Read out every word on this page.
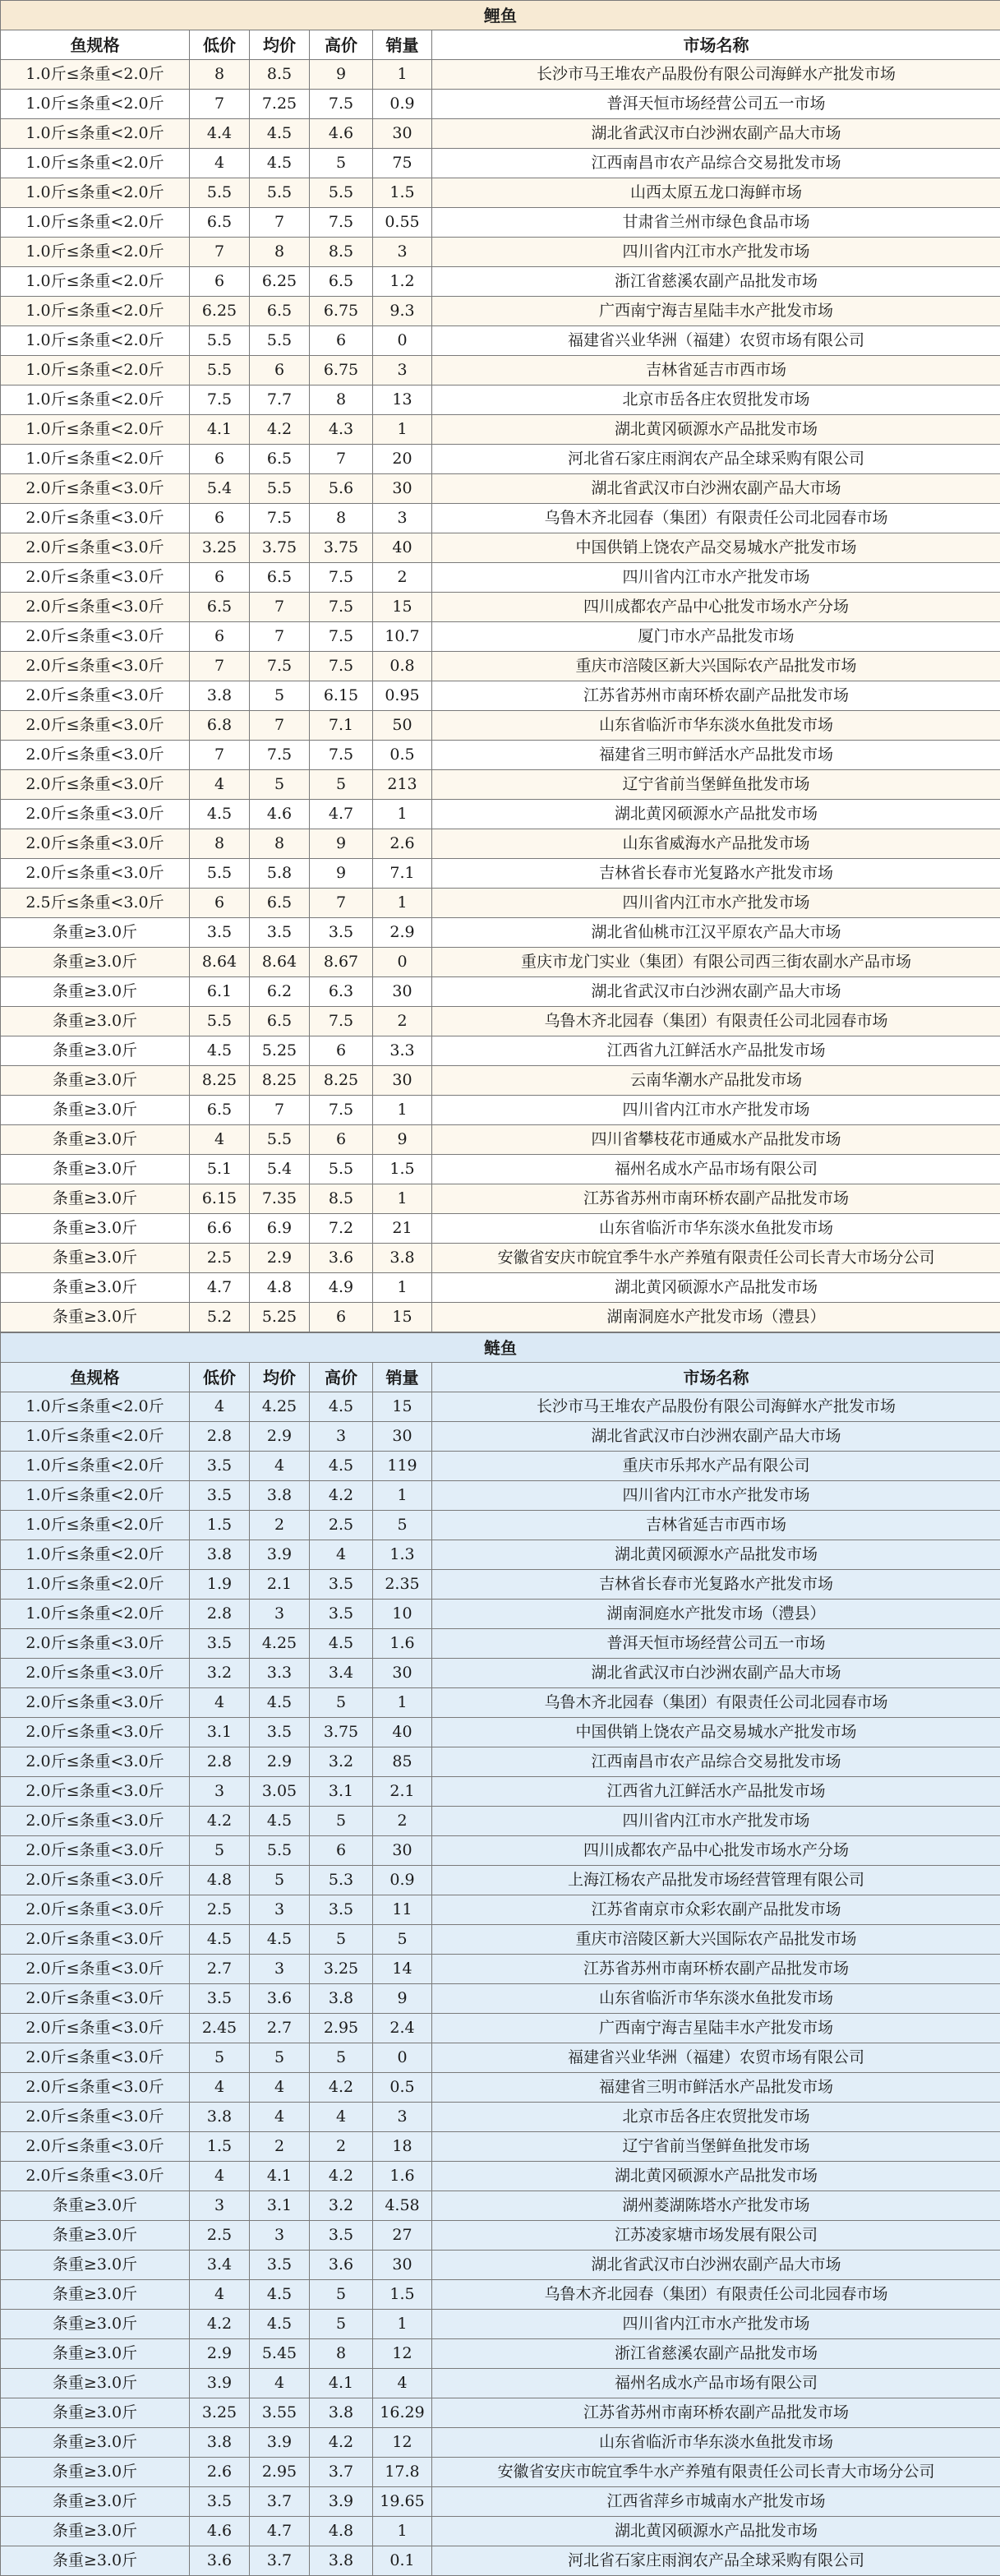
鲤鱼					
鱼规格	低价	均价	高价	销量	市场名称
1.0斤≤条重<2.0斤	8	8.5	9	1	长沙市马王堆农产品股份有限公司海鲜水产批发市场
1.0斤≤条重<2.0斤	7	7.25	7.5	0.9	普洱天恒市场经营公司五一市场
1.0斤≤条重<2.0斤	4.4	4.5	4.6	30	湖北省武汉市白沙洲农副产品大市场
1.0斤≤条重<2.0斤	4	4.5	5	75	江西南昌市农产品综合交易批发市场
1.0斤≤条重<2.0斤	5.5	5.5	5.5	1.5	山西太原五龙口海鲜市场
1.0斤≤条重<2.0斤	6.5	7	7.5	0.55	甘肃省兰州市绿色食品市场
1.0斤≤条重<2.0斤	7	8	8.5	3	四川省内江市水产批发市场
1.0斤≤条重<2.0斤	6	6.25	6.5	1.2	浙江省慈溪农副产品批发市场
1.0斤≤条重<2.0斤	6.25	6.5	6.75	9.3	广西南宁海吉星陆丰水产批发市场
1.0斤≤条重<2.0斤	5.5	5.5	6	0	福建省兴业华洲（福建）农贸市场有限公司
1.0斤≤条重<2.0斤	5.5	6	6.75	3	吉林省延吉市西市场
1.0斤≤条重<2.0斤	7.5	7.7	8	13	北京市岳各庄农贸批发市场
1.0斤≤条重<2.0斤	4.1	4.2	4.3	1	湖北黄冈硕源水产品批发市场
1.0斤≤条重<2.0斤	6	6.5	7	20	河北省石家庄雨润农产品全球采购有限公司
2.0斤≤条重<3.0斤	5.4	5.5	5.6	30	湖北省武汉市白沙洲农副产品大市场
2.0斤≤条重<3.0斤	6	7.5	8	3	乌鲁木齐北园春（集团）有限责任公司北园春市场
2.0斤≤条重<3.0斤	3.25	3.75	3.75	40	中国供销上饶农产品交易城水产批发市场
2.0斤≤条重<3.0斤	6	6.5	7.5	2	四川省内江市水产批发市场
2.0斤≤条重<3.0斤	6.5	7	7.5	15	四川成都农产品中心批发市场水产分场
2.0斤≤条重<3.0斤	6	7	7.5	10.7	厦门市水产品批发市场
2.0斤≤条重<3.0斤	7	7.5	7.5	0.8	重庆市涪陵区新大兴国际农产品批发市场
2.0斤≤条重<3.0斤	3.8	5	6.15	0.95	江苏省苏州市南环桥农副产品批发市场
2.0斤≤条重<3.0斤	6.8	7	7.1	50	山东省临沂市华东淡水鱼批发市场
2.0斤≤条重<3.0斤	7	7.5	7.5	0.5	福建省三明市鲜活水产品批发市场
2.0斤≤条重<3.0斤	4	5	5	213	辽宁省前当堡鲜鱼批发市场
2.0斤≤条重<3.0斤	4.5	4.6	4.7	1	湖北黄冈硕源水产品批发市场
2.0斤≤条重<3.0斤	8	8	9	2.6	山东省威海水产品批发市场
2.0斤≤条重<3.0斤	5.5	5.8	9	7.1	吉林省长春市光复路水产批发市场
2.5斤≤条重<3.0斤	6	6.5	7	1	四川省内江市水产批发市场
条重≥3.0斤	3.5	3.5	3.5	2.9	湖北省仙桃市江汉平原农产品大市场
条重≥3.0斤	8.64	8.64	8.67	0	重庆市龙门实业（集团）有限公司西三街农副水产品市场
条重≥3.0斤	6.1	6.2	6.3	30	湖北省武汉市白沙洲农副产品大市场
条重≥3.0斤	5.5	6.5	7.5	2	乌鲁木齐北园春（集团）有限责任公司北园春市场
条重≥3.0斤	4.5	5.25	6	3.3	江西省九江鲜活水产品批发市场
条重≥3.0斤	8.25	8.25	8.25	30	云南华潮水产品批发市场
条重≥3.0斤	6.5	7	7.5	1	四川省内江市水产批发市场
条重≥3.0斤	4	5.5	6	9	四川省攀枝花市通威水产品批发市场
条重≥3.0斤	5.1	5.4	5.5	1.5	福州名成水产品市场有限公司
条重≥3.0斤	6.15	7.35	8.5	1	江苏省苏州市南环桥农副产品批发市场
条重≥3.0斤	6.6	6.9	7.2	21	山东省临沂市华东淡水鱼批发市场
条重≥3.0斤	2.5	2.9	3.6	3.8	安徽省安庆市皖宜季牛水产养殖有限责任公司长青大市场分公司
条重≥3.0斤	4.7	4.8	4.9	1	湖北黄冈硕源水产品批发市场
条重≥3.0斤	5.2	5.25	6	15	湖南洞庭水产批发市场（澧县）
鲢鱼					
鱼规格	低价	均价	高价	销量	市场名称
1.0斤≤条重<2.0斤	4	4.25	4.5	15	长沙市马王堆农产品股份有限公司海鲜水产批发市场
1.0斤≤条重<2.0斤	2.8	2.9	3	30	湖北省武汉市白沙洲农副产品大市场
1.0斤≤条重<2.0斤	3.5	4	4.5	119	重庆市乐邦水产品有限公司
1.0斤≤条重<2.0斤	3.5	3.8	4.2	1	四川省内江市水产批发市场
1.0斤≤条重<2.0斤	1.5	2	2.5	5	吉林省延吉市西市场
1.0斤≤条重<2.0斤	3.8	3.9	4	1.3	湖北黄冈硕源水产品批发市场
1.0斤≤条重<2.0斤	1.9	2.1	3.5	2.35	吉林省长春市光复路水产批发市场
1.0斤≤条重<2.0斤	2.8	3	3.5	10	湖南洞庭水产批发市场（澧县）
2.0斤≤条重<3.0斤	3.5	4.25	4.5	1.6	普洱天恒市场经营公司五一市场
2.0斤≤条重<3.0斤	3.2	3.3	3.4	30	湖北省武汉市白沙洲农副产品大市场
2.0斤≤条重<3.0斤	4	4.5	5	1	乌鲁木齐北园春（集团）有限责任公司北园春市场
2.0斤≤条重<3.0斤	3.1	3.5	3.75	40	中国供销上饶农产品交易城水产批发市场
2.0斤≤条重<3.0斤	2.8	2.9	3.2	85	江西南昌市农产品综合交易批发市场
2.0斤≤条重<3.0斤	3	3.05	3.1	2.1	江西省九江鲜活水产品批发市场
2.0斤≤条重<3.0斤	4.2	4.5	5	2	四川省内江市水产批发市场
2.0斤≤条重<3.0斤	5	5.5	6	30	四川成都农产品中心批发市场水产分场
2.0斤≤条重<3.0斤	4.8	5	5.3	0.9	上海江杨农产品批发市场经营管理有限公司
2.0斤≤条重<3.0斤	2.5	3	3.5	11	江苏省南京市众彩农副产品批发市场
2.0斤≤条重<3.0斤	4.5	4.5	5	5	重庆市涪陵区新大兴国际农产品批发市场
2.0斤≤条重<3.0斤	2.7	3	3.25	14	江苏省苏州市南环桥农副产品批发市场
2.0斤≤条重<3.0斤	3.5	3.6	3.8	9	山东省临沂市华东淡水鱼批发市场
2.0斤≤条重<3.0斤	2.45	2.7	2.95	2.4	广西南宁海吉星陆丰水产批发市场
2.0斤≤条重<3.0斤	5	5	5	0	福建省兴业华洲（福建）农贸市场有限公司
2.0斤≤条重<3.0斤	4	4	4.2	0.5	福建省三明市鲜活水产品批发市场
2.0斤≤条重<3.0斤	3.8	4	4	3	北京市岳各庄农贸批发市场
2.0斤≤条重<3.0斤	1.5	2	2	18	辽宁省前当堡鲜鱼批发市场
2.0斤≤条重<3.0斤	4	4.1	4.2	1.6	湖北黄冈硕源水产品批发市场
条重≥3.0斤	3	3.1	3.2	4.58	湖州菱湖陈塔水产批发市场
条重≥3.0斤	2.5	3	3.5	27	江苏凌家塘市场发展有限公司
条重≥3.0斤	3.4	3.5	3.6	30	湖北省武汉市白沙洲农副产品大市场
条重≥3.0斤	4	4.5	5	1.5	乌鲁木齐北园春（集团）有限责任公司北园春市场
条重≥3.0斤	4.2	4.5	5	1	四川省内江市水产批发市场
条重≥3.0斤	2.9	5.45	8	12	浙江省慈溪农副产品批发市场
条重≥3.0斤	3.9	4	4.1	4	福州名成水产品市场有限公司
条重≥3.0斤	3.25	3.55	3.8	16.29	江苏省苏州市南环桥农副产品批发市场
条重≥3.0斤	3.8	3.9	4.2	12	山东省临沂市华东淡水鱼批发市场
条重≥3.0斤	2.6	2.95	3.7	17.8	安徽省安庆市皖宜季牛水产养殖有限责任公司长青大市场分公司
条重≥3.0斤	3.5	3.7	3.9	19.65	江西省萍乡市城南水产批发市场
条重≥3.0斤	4.6	4.7	4.8	1	湖北黄冈硕源水产品批发市场
条重≥3.0斤	3.6	3.7	3.8	0.1	河北省石家庄雨润农产品全球采购有限公司
